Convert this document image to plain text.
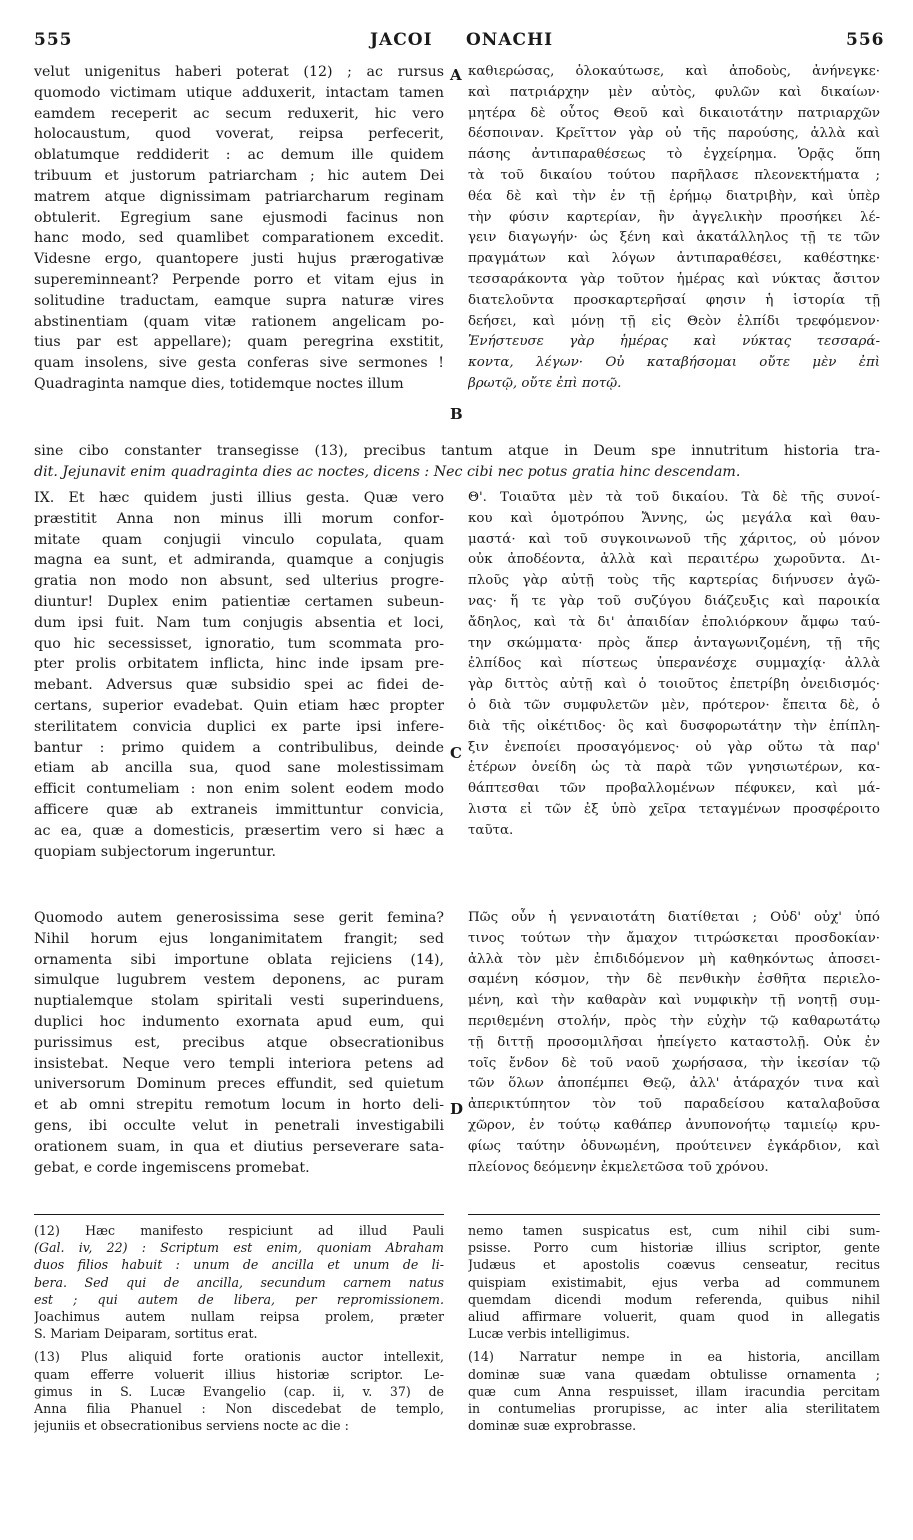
555	JACOI ONACHI	556
A
B
C
D
velut unigenitus haberi poterat (12) ; ac rursus
quomodo victimam utique adduxerit, intactam tamen
eamdem receperit ac secum reduxerit, hic vero
holocaustum, quod voverat, reipsa perfecerit,
oblatumque reddiderit : ac demum ille quidem
tribuum et justorum patriarcham ; hic autem Dei
matrem atque dignissimam patriarcharum reginam
obtulerit. Egregium sane ejusmodi facinus non
hanc modo, sed quamlibet comparationem excedit.
Videsne ergo, quantopere justi hujus prærogativæ
supereminneant? Perpende porro et vitam ejus in
solitudine traductam, eamque supra naturæ vires
abstinentiam (quam vitæ rationem angelicam po-
tius par est appellare); quam peregrina exstitit,
quam insolens, sive gesta conferas sive sermones !
Quadraginta namque dies, totidemque noctes illum
καθιερώσας, ὁλοκαύτωσε, καὶ ἀποδοὺς, ἀνήνεγκε·
καὶ πατριάρχην μὲν αὐτὸς, φυλῶν καὶ δικαίων·
μητέρα δὲ οὗτος Θεοῦ καὶ δικαιοτάτην πατριαρχῶν
δέσποιναν. Κρεῖττον γὰρ οὐ τῆς παρούσης, ἀλλὰ καὶ
πάσης ἀντιπαραθέσεως τὸ ἐγχείρημα. Ὁρᾷς ὅπη
τὰ τοῦ δικαίου τούτου παρῆλασε πλεονεκτήματα ;
θέα δὲ καὶ τὴν ἐν τῇ ἐρήμῳ διατριβὴν, καὶ ὑπὲρ
τὴν φύσιν καρτερίαν, ἣν ἀγγελικὴν προσήκει λέ-
γειν διαγωγήν· ὡς ξένη καὶ ἀκατάλληλος τῇ τε τῶν
πραγμάτων καὶ λόγων ἀντιπαραθέσει, καθέστηκε·
τεσσαράκοντα γὰρ τοῦτον ἡμέρας καὶ νύκτας ἄσιτον
διατελοῦντα προσκαρτερῆσαί φησιν ἡ ἱστορία τῇ
δεήσει, καὶ μόνῃ τῇ εἰς Θεὸν ἐλπίδι τρεφόμενον·
Ἐνήστευσε γὰρ ἡμέρας καὶ νύκτας τεσσαρά-
κοντα, λέγων· Οὐ καταβήσομαι οὔτε μὲν ἐπὶ
βρωτῷ, οὔτε ἐπὶ ποτῷ.
sine cibo constanter transegisse (13), precibus tantum atque in Deum spe innutritum historia tra-
dit. Jejunavit enim quadraginta dies ac noctes, dicens : Nec cibi nec potus gratia hinc descendam.
IX. Et hæc quidem justi illius gesta. Quæ vero
præstitit Anna non minus illi morum confor-
mitate quam conjugii vinculo copulata, quam
magna ea sunt, et admiranda, quamque a conjugis
gratia non modo non absunt, sed ulterius progre-
diuntur! Duplex enim patientiæ certamen subeun-
dum ipsi fuit. Nam tum conjugis absentia et loci,
quo hic secessisset, ignoratio, tum scommata pro-
pter prolis orbitatem inflicta, hinc inde ipsam pre-
mebant. Adversus quæ subsidio spei ac fidei de-
certans, superior evadebat. Quin etiam hæc propter
sterilitatem convicia duplici ex parte ipsi infere-
bantur : primo quidem a contribulibus, deinde
etiam ab ancilla sua, quod sane molestissimam
efficit contumeliam : non enim solent eodem modo
afficere quæ ab extraneis immittuntur convicia,
ac ea, quæ a domesticis, præsertim vero si hæc a
quopiam subjectorum ingeruntur.
Θ'. Τοιαῦτα μὲν τὰ τοῦ δικαίου. Τὰ δὲ τῆς συνοί-
κου καὶ ὁμοτρόπου Ἄννης, ὡς μεγάλα καὶ θαυ-
μαστά· καὶ τοῦ συγκοινωνοῦ τῆς χάριτος, οὐ μόνον
οὐκ ἀποδέοντα, ἀλλὰ καὶ περαιτέρω χωροῦντα. Δι-
πλοῦς γὰρ αὐτῇ τοὺς τῆς καρτερίας διήνυσεν ἀγῶ-
νας· ἥ τε γὰρ τοῦ συζύγου διάζευξις καὶ παροικία
ἄδηλος, καὶ τὰ δι' ἀπαιδίαν ἐπολιόρκουν ἄμφω ταύ-
την σκώμματα· πρὸς ἅπερ ἀνταγωνιζομένη, τῇ τῆς
ἐλπίδος καὶ πίστεως ὑπερανέσχε συμμαχίᾳ· ἀλλὰ
γὰρ διττὸς αὐτῇ καὶ ὁ τοιοῦτος ἐπετρίβη ὀνειδισμός·
ὁ διὰ τῶν συμφυλετῶν μὲν, πρότερον· ἔπειτα δὲ, ὁ
διὰ τῆς οἰκέτιδος· ὃς καὶ δυσφορωτάτην τὴν ἐπίπλη-
ξιν ἐνεποίει προσαγόμενος· οὐ γὰρ οὕτω τὰ παρ'
ἑτέρων ὀνείδη ὡς τὰ παρὰ τῶν γνησιωτέρων, κα-
θάπτεσθαι τῶν προβαλλομένων πέφυκεν, καὶ μά-
λιστα εἰ τῶν ἐξ ὑπὸ χεῖρα τεταγμένων προσφέροιτο
ταῦτα.
Quomodo autem generosissima sese gerit femina?
Nihil horum ejus longanimitatem frangit; sed
ornamenta sibi importune oblata rejiciens (14),
simulque lugubrem vestem deponens, ac puram
nuptialemque stolam spiritali vesti superinduens,
duplici hoc indumento exornata apud eum, qui
purissimus est, precibus atque obsecrationibus
insistebat. Neque vero templi interiora petens ad
universorum Dominum preces effundit, sed quietum
et ab omni strepitu remotum locum in horto deli-
gens, ibi occulte velut in penetrali investigabili
orationem suam, in qua et diutius perseverare sata-
gebat, e corde ingemiscens promebat.
Πῶς οὖν ἡ γενναιοτάτη διατίθεται ; Οὐδ' οὐχ' ὑπό
τινος τούτων τὴν ἄμαχον τιτρώσκεται προσδοκίαν·
ἀλλὰ τὸν μὲν ἐπιδιδόμενον μὴ καθηκόντως ἀποσει-
σαμένη κόσμον, τὴν δὲ πενθικὴν ἐσθῆτα περιελο-
μένη, καὶ τὴν καθαρὰν καὶ νυμφικὴν τῇ νοητῇ συμ-
περιθεμένη στολήν, πρὸς τὴν εὐχὴν τῷ καθαρωτάτῳ
τῇ διττῇ προσομιλῆσαι ἠπείγετο καταστολῇ. Οὐκ ἐν
τοῖς ἔνδον δὲ τοῦ ναοῦ χωρήσασα, τὴν ἱκεσίαν τῷ
τῶν ὅλων ἀποπέμπει Θεῷ, ἀλλ' ἀτάραχόν τινα καὶ
ἀπερικτύπητον τὸν τοῦ παραδείσου καταλαβοῦσα
χῶρον, ἐν τούτῳ καθάπερ ἀνυπονοήτῳ ταμιείῳ κρυ-
φίως ταύτην ὀδυνωμένη, προύτεινεν ἐγκάρδιον, καὶ
πλείονος δεόμενην ἐκμελετῶσα τοῦ χρόνου.
(12) Hæc manifesto respiciunt ad illud Pauli
(Gal. iv, 22) : Scriptum est enim, quoniam Abraham
duos filios habuit : unum de ancilla et unum de li-
bera. Sed qui de ancilla, secundum carnem natus
est ; qui autem de libera, per repromissionem.
Joachimus autem nullam reipsa prolem, præter
S. Mariam Deiparam, sortitus erat.
(13) Plus aliquid forte orationis auctor intellexit,
quam efferre voluerit illius historiæ scriptor. Le-
gimus in S. Lucæ Evangelio (cap. ii, v. 37) de
Anna filia Phanuel : Non discedebat de templo,
jejuniis et obsecrationibus serviens nocte ac die :
nemo tamen suspicatus est, cum nihil cibi sum-
psisse. Porro cum historiæ illius scriptor, gente
Judæus et apostolis coævus censeatur, recitus
quispiam existimabit, ejus verba ad communem
quemdam dicendi modum referenda, quibus nihil
aliud affirmare voluerit, quam quod in allegatis
Lucæ verbis intelligimus.
(14) Narratur nempe in ea historia, ancillam
dominæ suæ vana quædam obtulisse ornamenta ;
quæ cum Anna respuisset, illam iracundia percitam
in contumelias prorupisse, ac inter alia sterilitatem
dominæ suæ exprobrasse.
